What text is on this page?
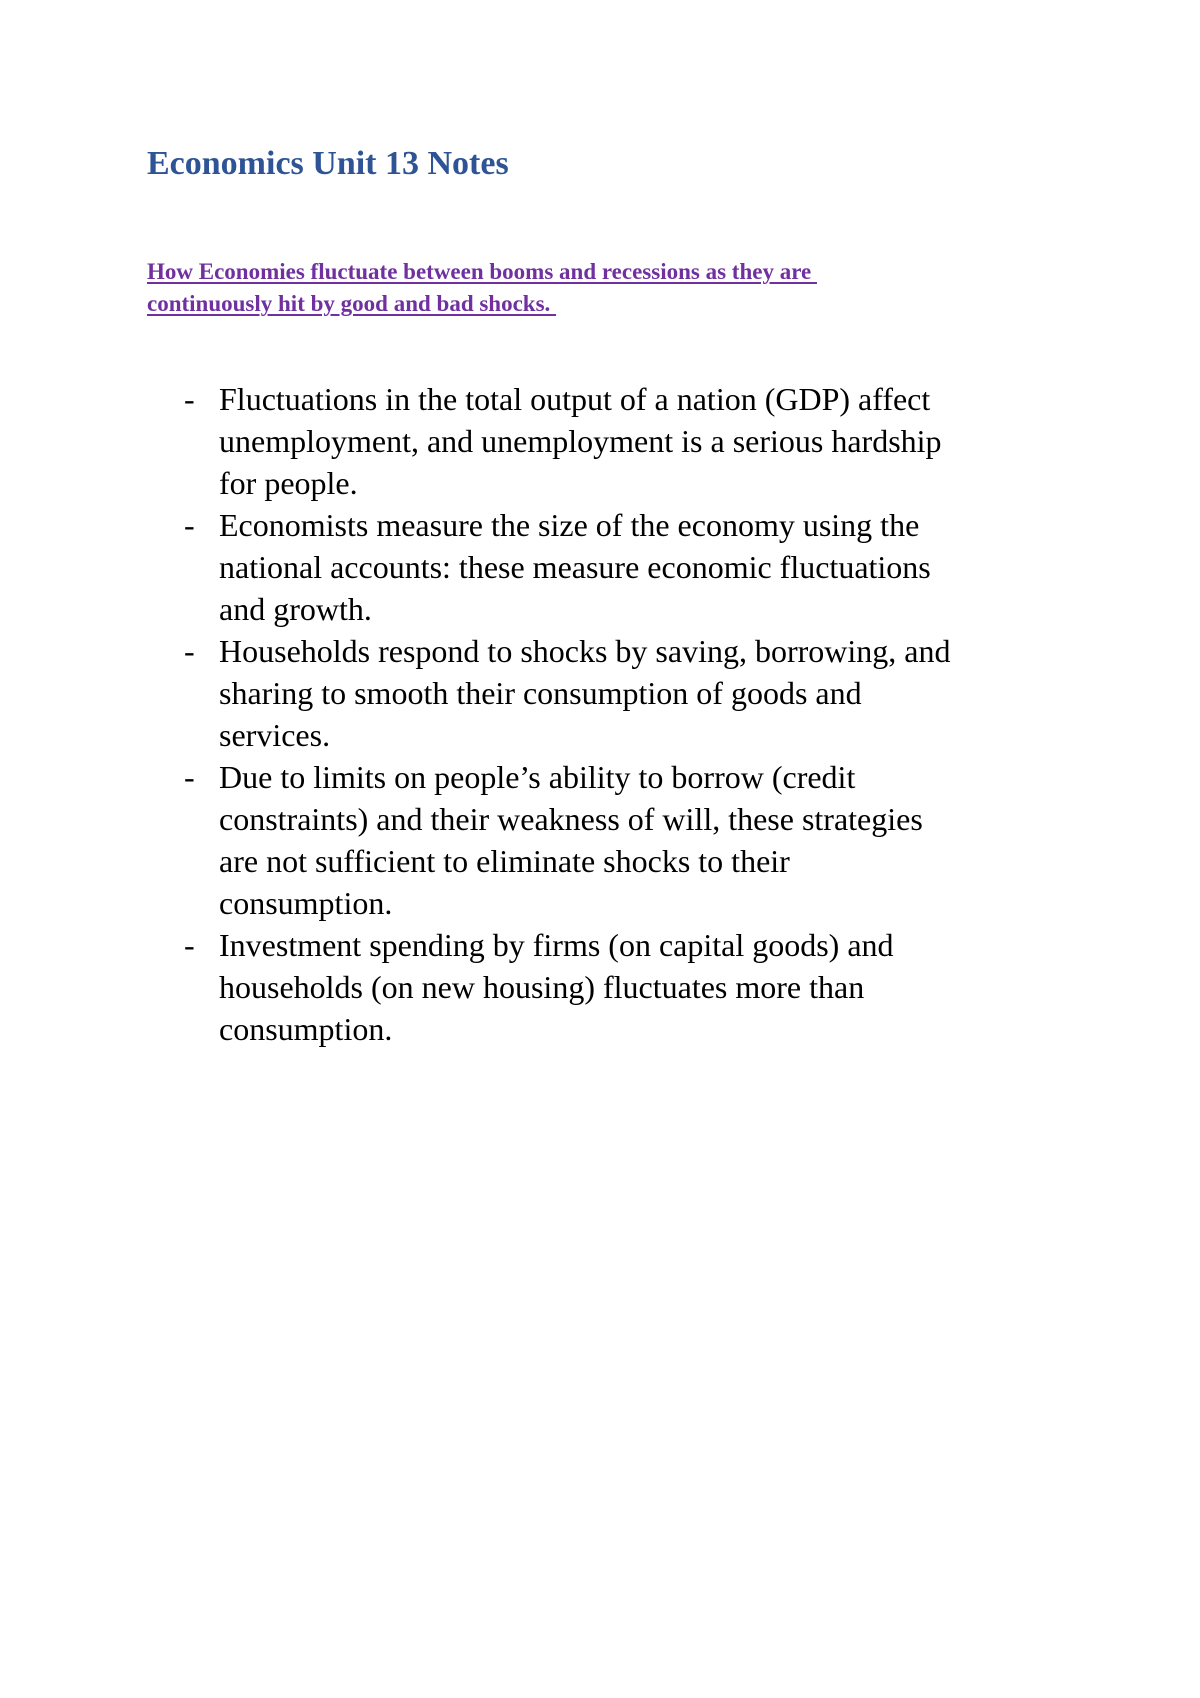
Economics Unit 13 Notes

How Economies fluctuate between booms and recessions as they are
continuously hit by good and bad shocks.

- Fluctuations in the total output of a nation (GDP) affect
unemployment, and unemployment is a serious hardship
for people.
- Economists measure the size of the economy using the
national accounts: these measure economic fluctuations
and growth.
- Households respond to shocks by saving, borrowing, and
sharing to smooth their consumption of goods and
services.
- Due to limits on people’s ability to borrow (credit
constraints) and their weakness of will, these strategies
are not sufficient to eliminate shocks to their
consumption.
- Investment spending by firms (on capital goods) and
households (on new housing) fluctuates more than
consumption.
